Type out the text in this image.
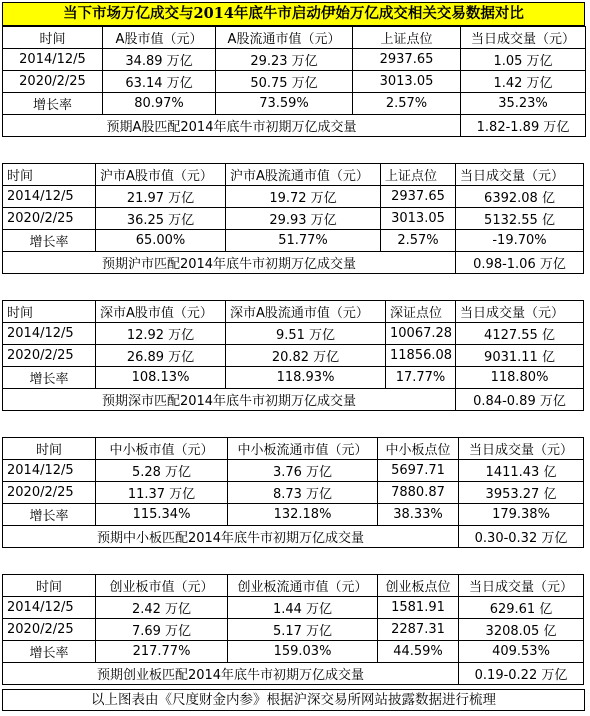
当下市场万亿成交与2014年底牛市启动伊始万亿成交相关交易数据对比
时间	A股市值（元）	A股流通市值（元）	上证点位	当日成交量（元）
2014/12/5	34.89 万亿	29.23 万亿	2937.65	1.05 万亿
2020/2/25	63.14 万亿	50.75 万亿	3013.05	1.42 万亿
增长率	80.97%	73.59%	2.57%	35.23%
预期A股匹配2014年底牛市初期万亿成交量				1.82-1.89 万亿
时间	沪市A股市值（元）	沪市A股流通市值（元）	上证点位	当日成交量（元）
2014/12/5	21.97 万亿	19.72 万亿	2937.65	6392.08 亿
2020/2/25	36.25 万亿	29.93 万亿	3013.05	5132.55 亿
增长率	65.00%	51.77%	2.57%	-19.70%
预期沪市匹配2014年底牛市初期万亿成交量				0.98-1.06 万亿
时间	深市A股市值（元）	深市A股流通市值（元）	深证点位	当日成交量（元）
2014/12/5	12.92 万亿	9.51 万亿	10067.28	4127.55 亿
2020/2/25	26.89 万亿	20.82 万亿	11856.08	9031.11 亿
增长率	108.13%	118.93%	17.77%	118.80%
预期深市匹配2014年底牛市初期万亿成交量				0.84-0.89 万亿
时间	中小板市值（元）	中小板流通市值（元）	中小板点位	当日成交量（元）
2014/12/5	5.28 万亿	3.76 万亿	5697.71	1411.43 亿
2020/2/25	11.37 万亿	8.73 万亿	7880.87	3953.27 亿
增长率	115.34%	132.18%	38.33%	179.38%
预期中小板匹配2014年底牛市初期万亿成交量				0.30-0.32 万亿
时间	创业板市值（元）	创业板流通市值（元）	创业板点位	当日成交量（元）
2014/12/5	2.42 万亿	1.44 万亿	1581.91	629.61 亿
2020/2/25	7.69 万亿	5.17 万亿	2287.31	3208.05 亿
增长率	217.77%	159.03%	44.59%	409.53%
预期创业板匹配2014年底牛市初期万亿成交量				0.19-0.22 万亿
以上图表由《尺度财金内参》根据沪深交易所网站披露数据进行梳理
